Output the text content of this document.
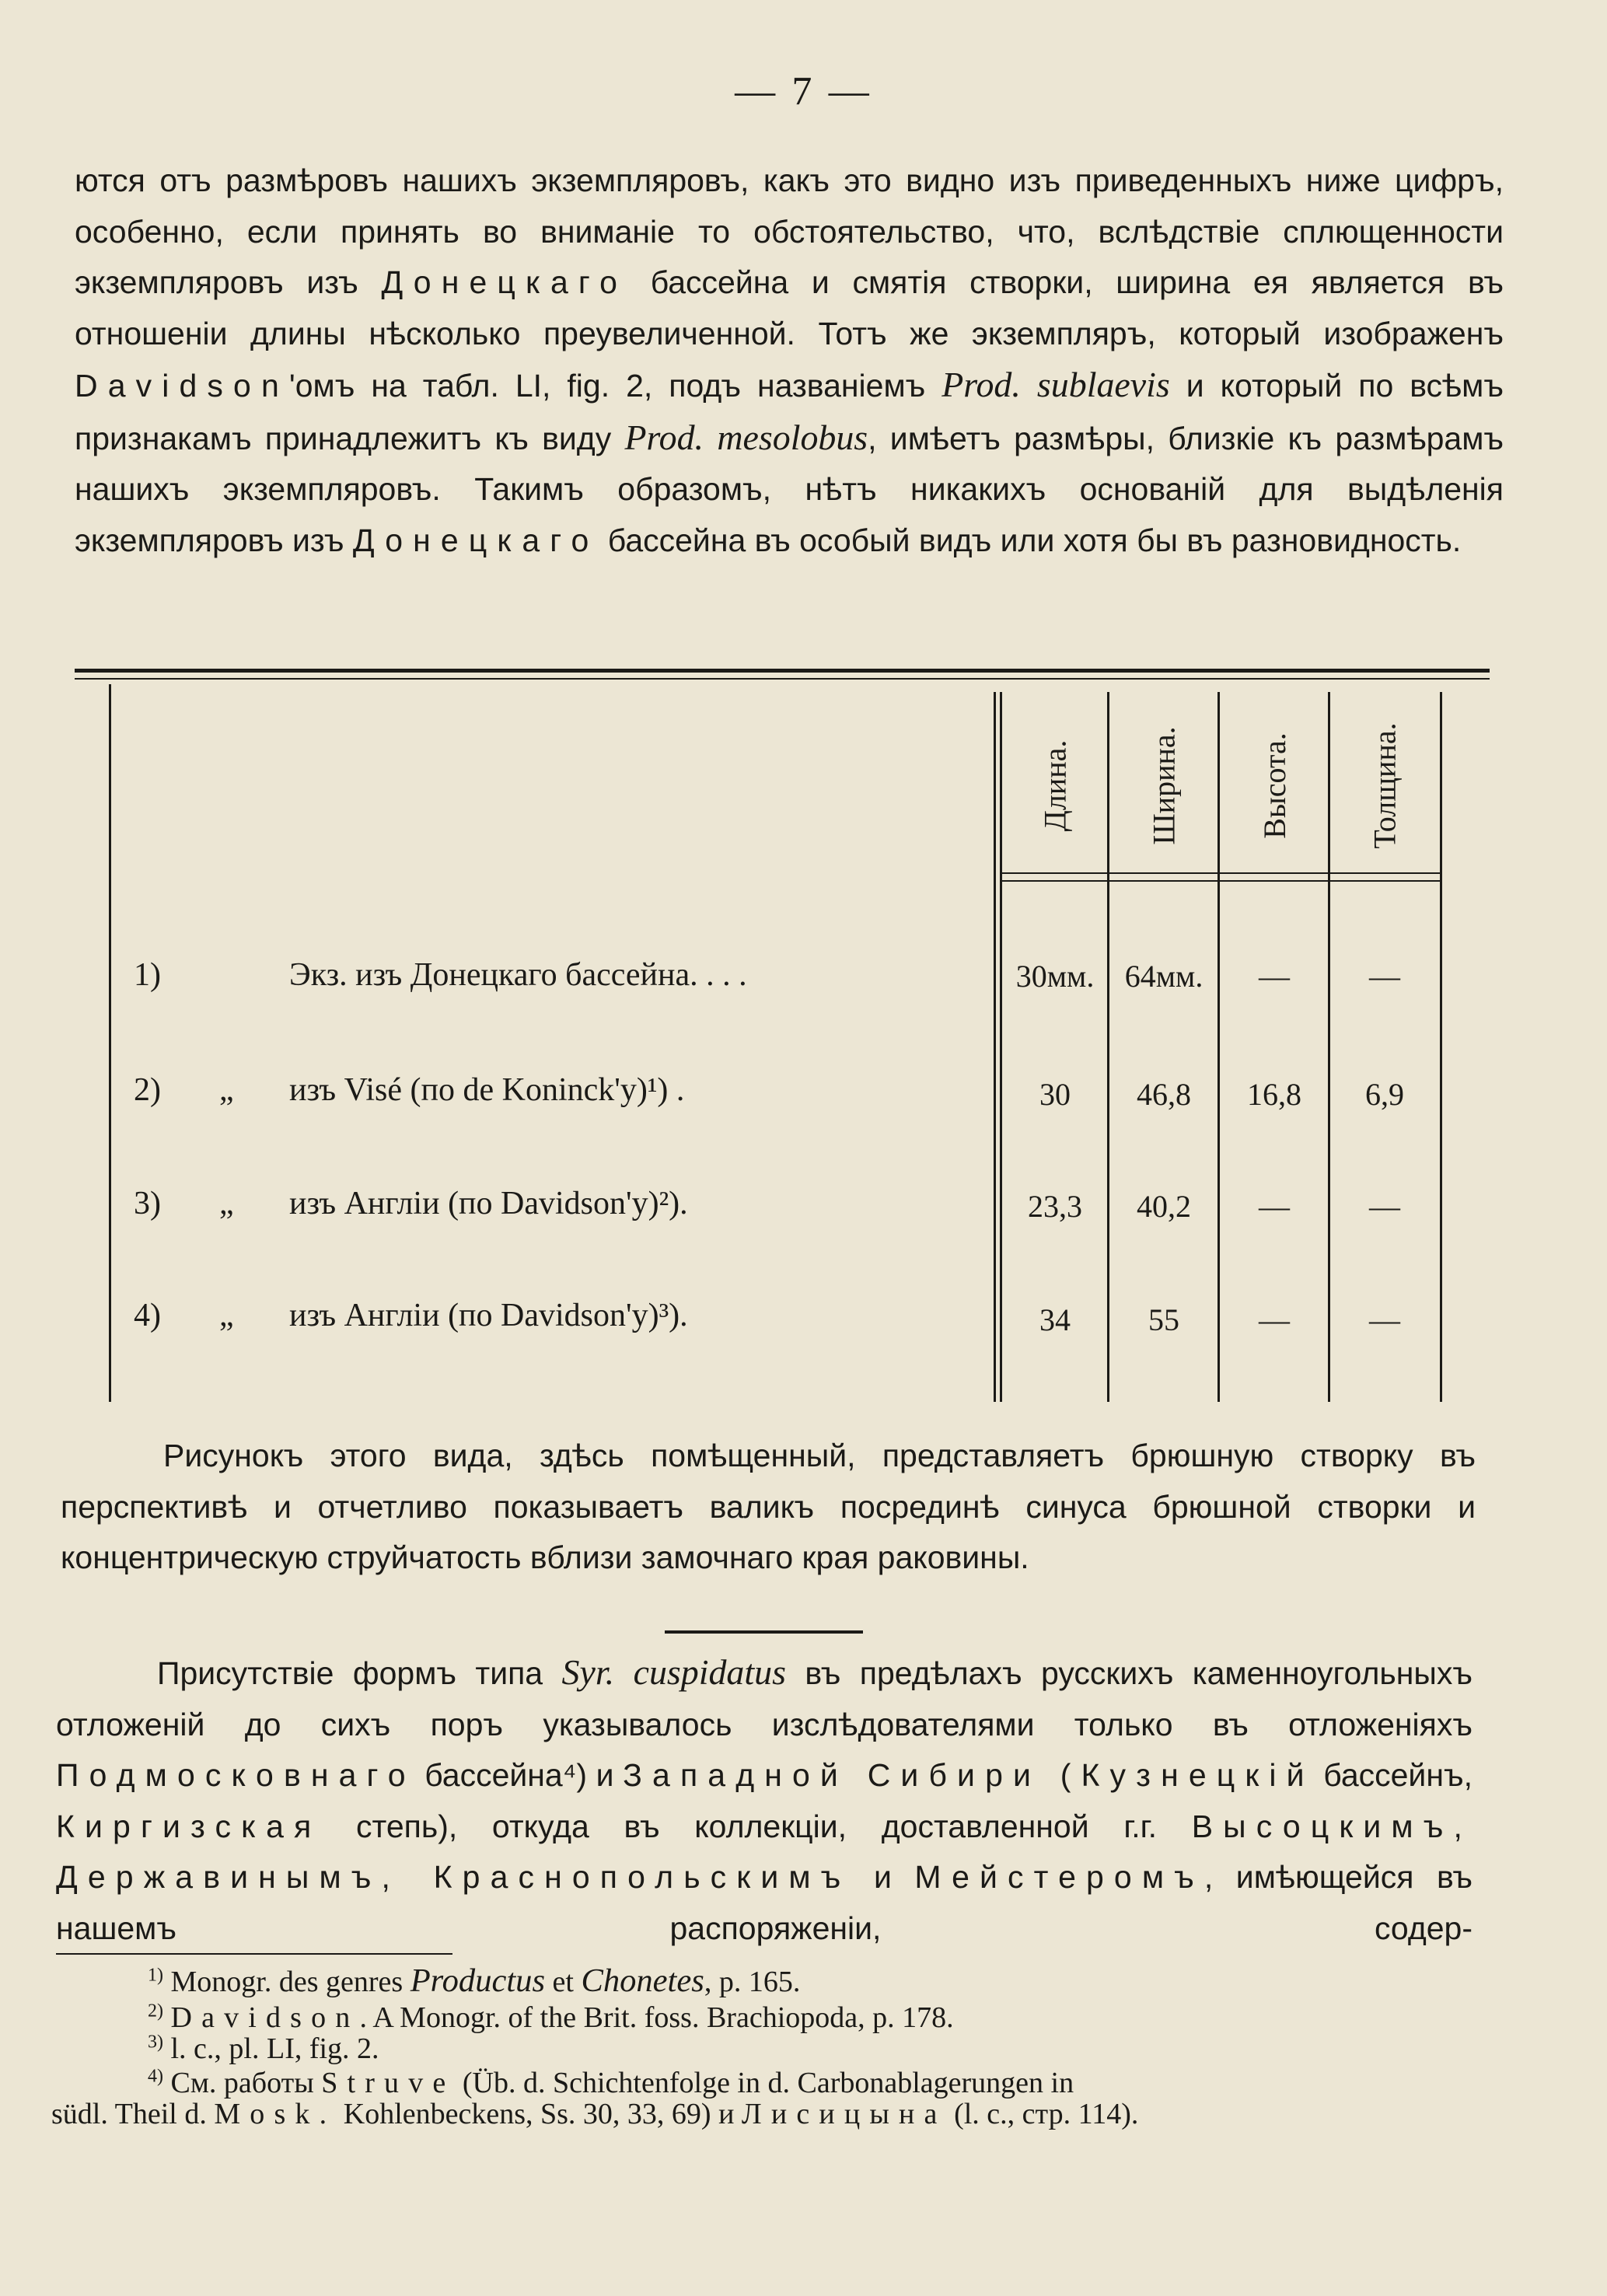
— 7 —
ются отъ размѣровъ нашихъ экземпляровъ, какъ это видно изъ приведенныхъ ниже цифръ, особенно, если принять во вниманіе то обстоятельство, что, вслѣдствіе сплющенности экземпляровъ изъ Донецкаго бассейна и смятія створки, ширина ея является въ отношеніи длины нѣсколько преувеличенной. Тотъ же экземпляръ, который изображенъ Davidson'омъ на табл. LI, fig. 2, подъ названіемъ Prod. sublaevis и который по всѣмъ признакамъ принадлежитъ къ виду Prod. mesolobus, имѣетъ размѣры, близкіе къ размѣрамъ нашихъ экземпляровъ. Такимъ образомъ, нѣтъ никакихъ основаній для выдѣленія экземпляровъ изъ Донецкаго бассейна въ особый видъ или хотя бы въ разновидность.
Длина. Ширина. Высота. Толщина.
1)	Экз. изъ Донецкаго бассейна. . . .	30мм. 64мм.	—	—
2) „ изъ Visé (по de Koninck'y)¹) .	30	46,8	16,8	6,9
3) „ изъ Англіи (по Davidson'y)²).	23,3	40,2	—	—
4) „ изъ Англіи (по Davidson'y)³).	34	55	—	—
Рисунокъ этого вида, здѣсь помѣщенный, представляетъ брюшную створку въ перспективѣ и отчетливо показываетъ валикъ посрединѣ синуса брюшной створки и концентрическую струйчатость вблизи замочнаго края раковины.
Присутствіе формъ типа Syr. cuspidatus въ предѣлахъ русскихъ каменноугольныхъ отложеній до сихъ поръ указывалось изслѣдователями только въ отложеніяхъ Подмосковнаго бассейна⁴) и Западной Сибири (Кузнецкій бассейнъ, Киргизская степь), откуда въ коллекціи, доставленной г.г. Высоцкимъ, Державинымъ, Краснопольскимъ и Мейстеромъ, имѣющейся въ нашемъ распоряженіи, содер-
$^{1)}$ Monogr. des genres Productus et Chonetes, p. 165.
$^{2)}$ Davidson. A Monogr. of the Brit. foss. Brachiopoda, p. 178.
$^{3)}$ l. c., pl. LI, fig. 2.
$^{4)}$ См. работы Struve (Üb. d. Schichtenfolge in d. Carbonablagerungen in
südl. Theil d. Mosk. Kohlenbeckens, Ss. 30, 33, 69) и Лисицына (l. c., стр. 114).
